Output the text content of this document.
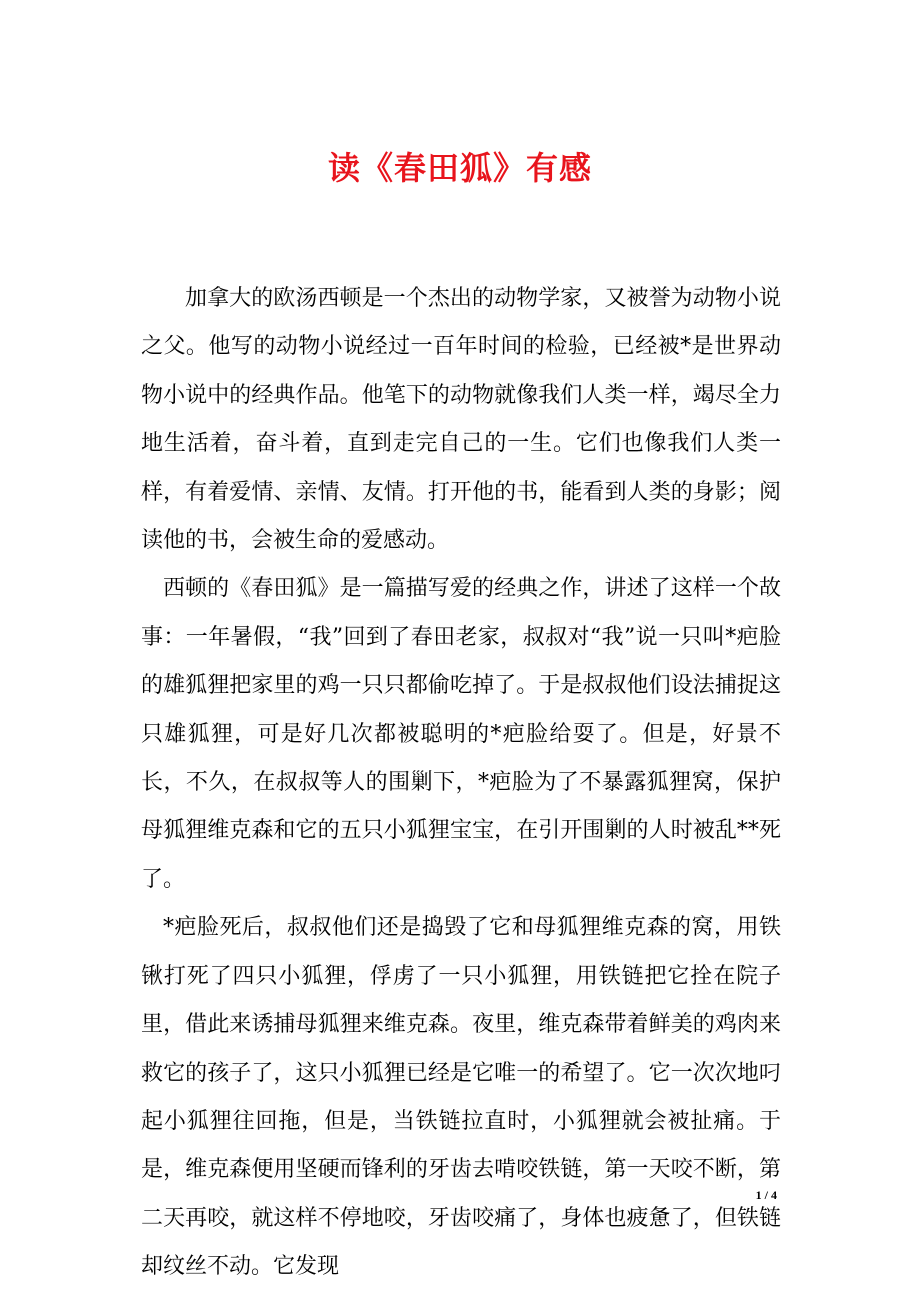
读《春田狐》有感

加拿大的欧汤西顿是一个杰出的动物学家，又被誉为动物小说之父。他写的动物小说经过一百年时间的检验，已经被*是世界动物小说中的经典作品。他笔下的动物就像我们人类一样，竭尽全力地生活着，奋斗着，直到走完自己的一生。它们也像我们人类一样，有着爱情、亲情、友情。打开他的书，能看到人类的身影；阅读他的书，会被生命的爱感动。

西顿的《春田狐》是一篇描写爱的经典之作，讲述了这样一个故事：一年暑假，“我”回到了春田老家，叔叔对“我”说一只叫*疤脸的雄狐狸把家里的鸡一只只都偷吃掉了。于是叔叔他们设法捕捉这只雄狐狸，可是好几次都被聪明的*疤脸给耍了。但是，好景不长，不久，在叔叔等人的围剿下，*疤脸为了不暴露狐狸窝，保护母狐狸维克森和它的五只小狐狸宝宝，在引开围剿的人时被乱**死了。

*疤脸死后，叔叔他们还是捣毁了它和母狐狸维克森的窝，用铁锹打死了四只小狐狸，俘虏了一只小狐狸，用铁链把它拴在院子里，借此来诱捕母狐狸来维克森。夜里，维克森带着鲜美的鸡肉来救它的孩子了，这只小狐狸已经是它唯一的希望了。它一次次地叼起小狐狸往回拖，但是，当铁链拉直时，小狐狸就会被扯痛。于是，维克森便用坚硬而锋利的牙齿去啃咬铁链，第一天咬不断，第二天再咬，就这样不停地咬，牙齿咬痛了，身体也疲惫了，但铁链却纹丝不动。它发现

1 / 4
